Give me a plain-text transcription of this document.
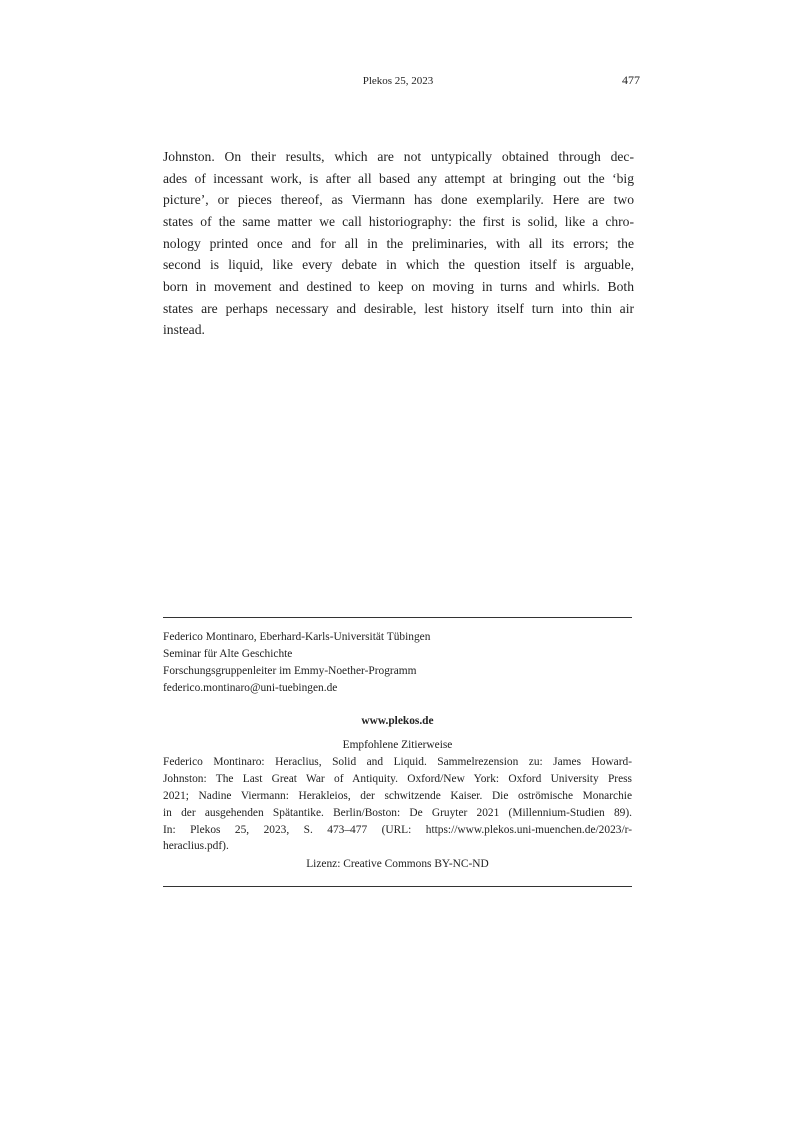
Plekos 25, 2023	477
Johnston. On their results, which are not untypically obtained through dec-
ades of incessant work, is after all based any attempt at bringing out the ‘big
picture’, or pieces thereof, as Viermann has done exemplarily. Here are two
states of the same matter we call historiography: the first is solid, like a chro-
nology printed once and for all in the preliminaries, with all its errors; the
second is liquid, like every debate in which the question itself is arguable,
born in movement and destined to keep on moving in turns and whirls. Both
states are perhaps necessary and desirable, lest history itself turn into thin air
instead.
Federico Montinaro, Eberhard-Karls-Universität Tübingen
Seminar für Alte Geschichte
Forschungsgruppenleiter im Emmy-Noether-Programm
federico.montinaro@uni-tuebingen.de
www.plekos.de
Empfohlene Zitierweise
Federico Montinaro: Heraclius, Solid and Liquid. Sammelrezension zu: James Howard-
Johnston: The Last Great War of Antiquity. Oxford/New York: Oxford University Press
2021; Nadine Viermann: Herakleios, der schwitzende Kaiser. Die oströmische Monarchie
in der ausgehenden Spätantike. Berlin/Boston: De Gruyter 2021 (Millennium-Studien 89).
In: Plekos 25, 2023, S. 473–477 (URL: https://www.plekos.uni-muenchen.de/2023/r-
heraclius.pdf).
Lizenz: Creative Commons BY-NC-ND
